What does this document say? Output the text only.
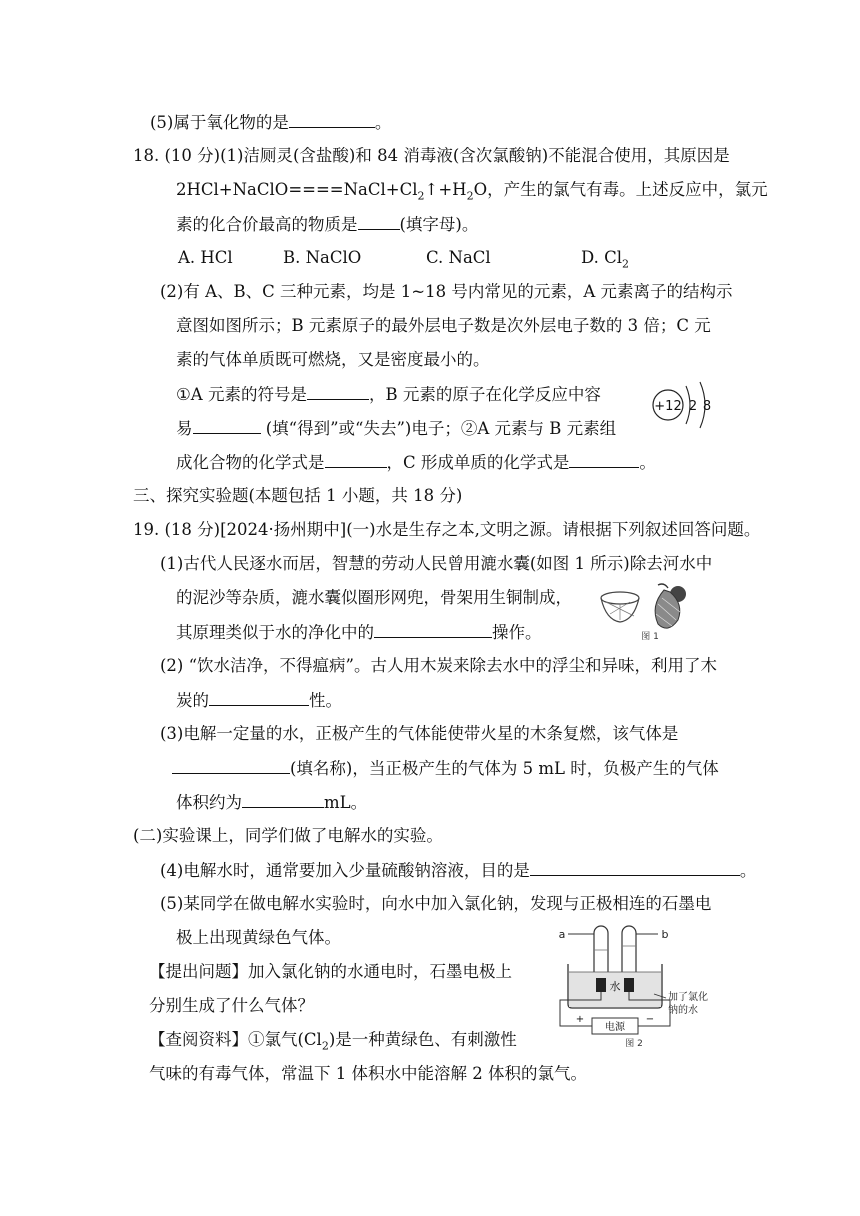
(5)属于氧化物的是	。
18. (10 分)(1)洁厕灵(含盐酸)和 84 消毒液(含次氯酸钠)不能混合使用，其原因是
$2HCl+NaClO====NaCl+Cl_2↑+H_2O$，产生的氯气有毒。上述反应中，氯元
素的化合价最高的物质是	(填字母)。
A. HCl	B. NaClO	C. NaCl	D. $Cl_2$
(2)有 A、B、C 三种元素，均是 1~18 号内常见的元素，A 元素离子的结构示
意图如图所示；B 元素原子的最外层电子数是次外层电子数的 3 倍；C 元
素的气体单质既可燃烧，又是密度最小的。
①A 元素的符号是	，B 元素的原子在化学反应中容
易	(填“得到”或“失去”)电子；②A 元素与 B 元素组
成化合物的化学式是	，C 形成单质的化学式是	。
+12 2 8
三、探究实验题(本题包括 1 小题，共 18 分)
19. (18 分)[2024·扬州期中](一)水是生存之本,文明之源。请根据下列叙述回答问题。
(1)古代人民逐水而居，智慧的劳动人民曾用漉水囊(如图 1 所示)除去河水中
的泥沙等杂质，漉水囊似圈形网兜，骨架用生铜制成，
其原理类似于水的净化中的	操作。	图 1
(2) “饮水洁净，不得瘟病”。古人用木炭来除去水中的浮尘和异味，利用了木
炭的	性。
(3)电解一定量的水，正极产生的气体能使带火星的木条复燃，该气体是
(填名称)，当正极产生的气体为 5 mL 时，负极产生的气体
体积约为	mL。
(二)实验课上，同学们做了电解水的实验。
(4)电解水时，通常要加入少量硫酸钠溶液，目的是	。
(5)某同学在做电解水实验时，向水中加入氯化钠，发现与正极相连的石墨电
极上出现黄绿色气体。
【提出问题】加入氯化钠的水通电时，石墨电极上
分别生成了什么气体？
【查阅资料】①氯气$(Cl_2)$是一种黄绿色、有刺激性
气味的有毒气体，常温下 1 体积水中能溶解 2 体积的氯气。
a	b
水
电源
+	−
加了氯化
钠的水
图 2
